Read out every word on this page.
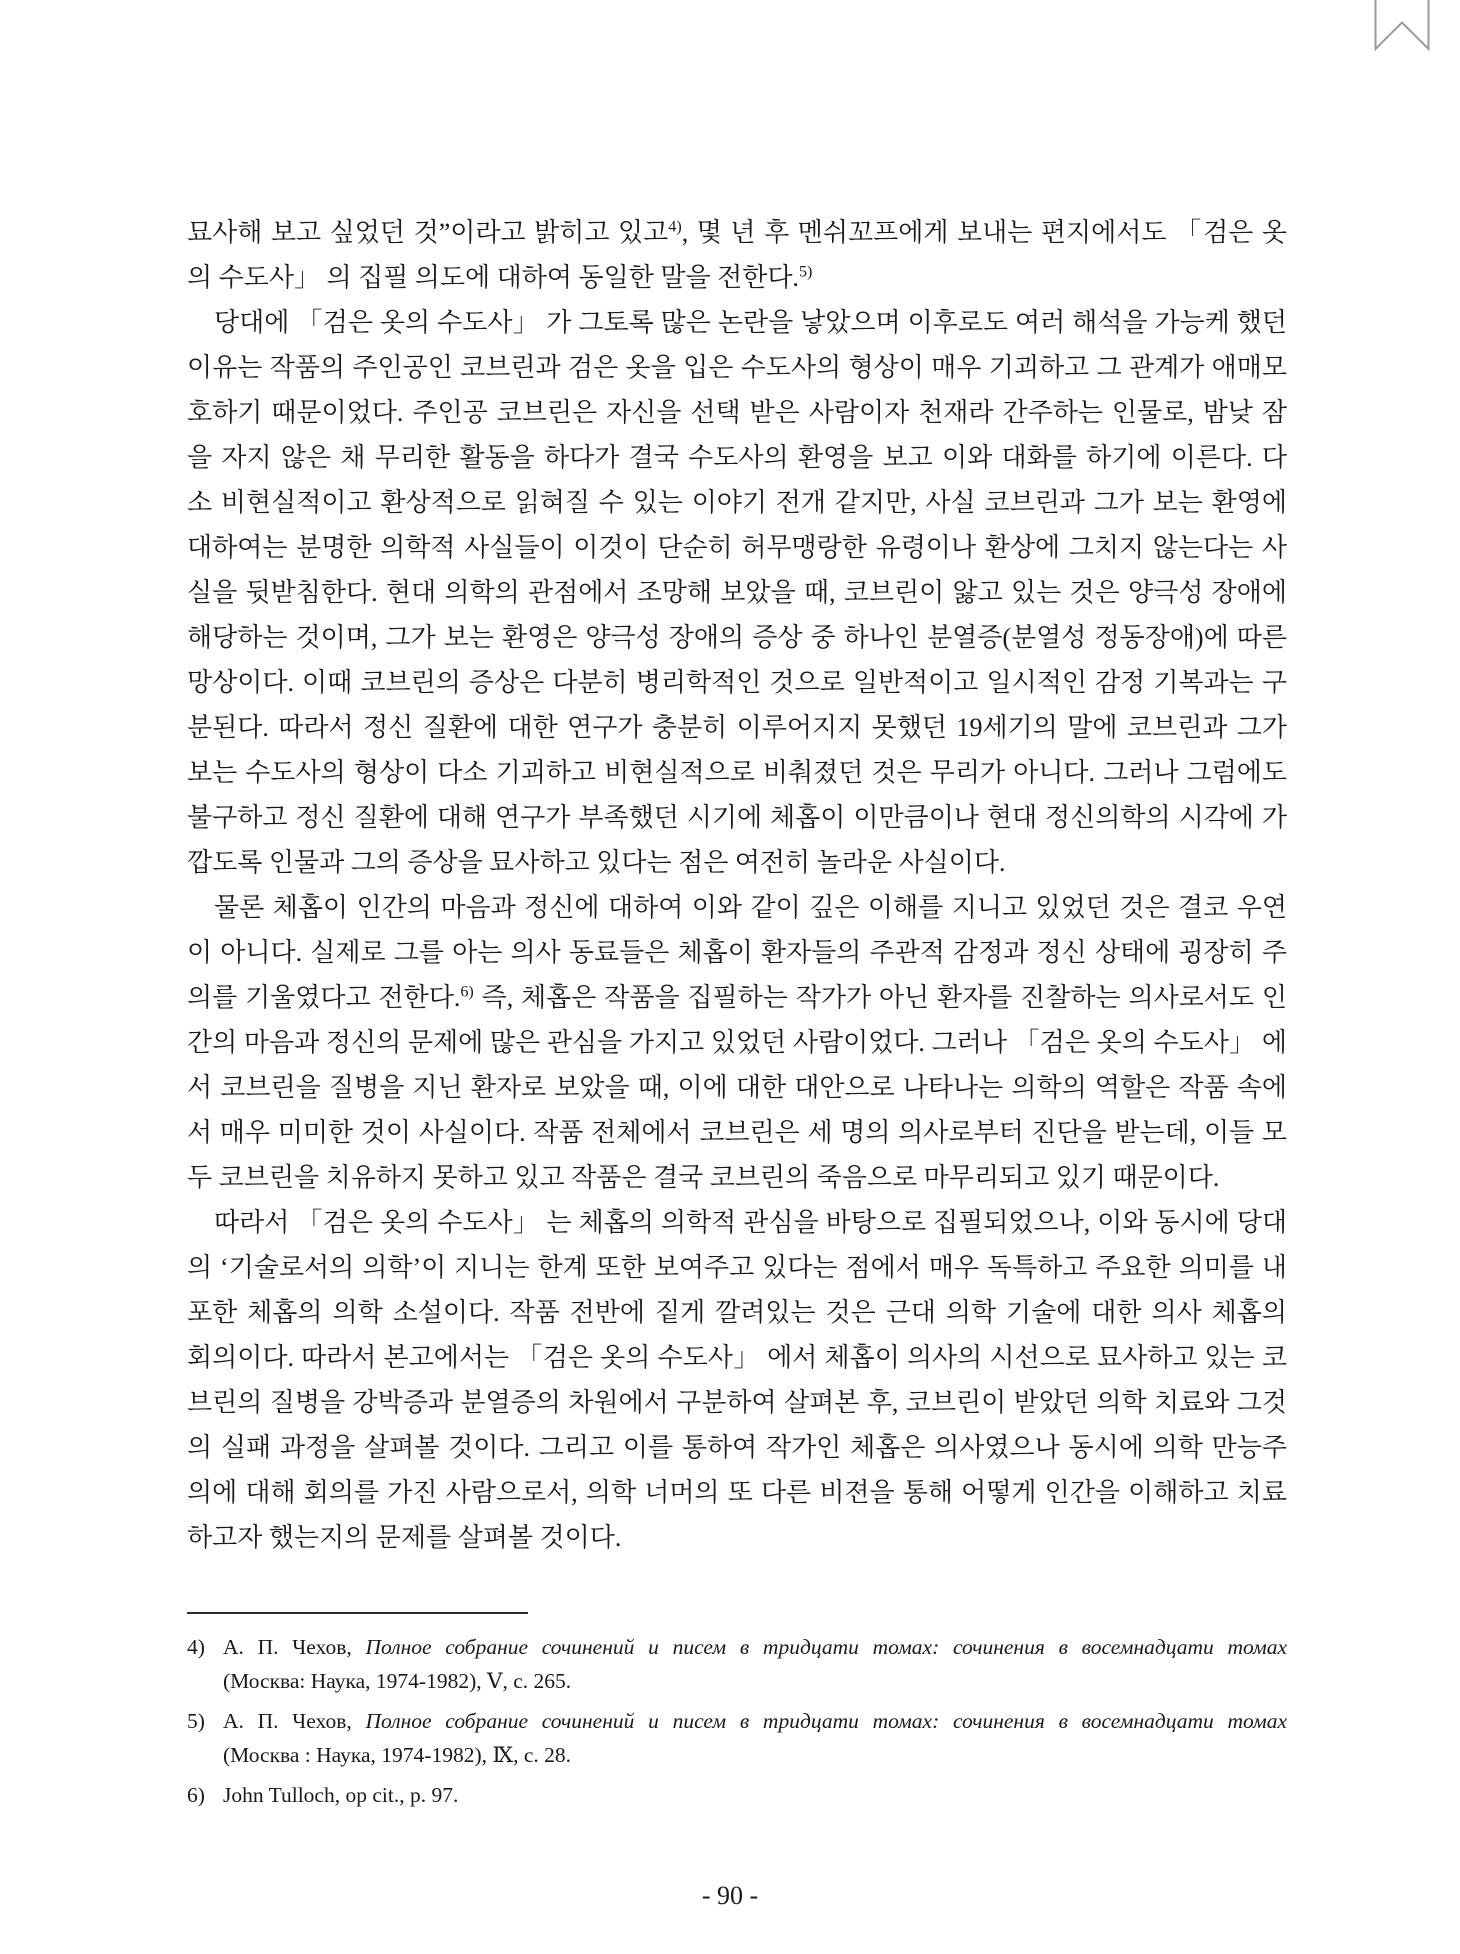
묘사해 보고 싶었던 것”이라고 밝히고 있고$^{4)}$, 몇 년 후 멘쉬꼬프에게 보내는 편지에서도 「검은 옷
의 수도사」 의 집필 의도에 대하여 동일한 말을 전한다.$^{5)}$
당대에 「검은 옷의 수도사」 가 그토록 많은 논란을 낳았으며 이후로도 여러 해석을 가능케 했던
이유는 작품의 주인공인 코브린과 검은 옷을 입은 수도사의 형상이 매우 기괴하고 그 관계가 애매모
호하기 때문이었다. 주인공 코브린은 자신을 선택 받은 사람이자 천재라 간주하는 인물로, 밤낮 잠
을 자지 않은 채 무리한 활동을 하다가 결국 수도사의 환영을 보고 이와 대화를 하기에 이른다. 다
소 비현실적이고 환상적으로 읽혀질 수 있는 이야기 전개 같지만, 사실 코브린과 그가 보는 환영에
대하여는 분명한 의학적 사실들이 이것이 단순히 허무맹랑한 유령이나 환상에 그치지 않는다는 사
실을 뒷받침한다. 현대 의학의 관점에서 조망해 보았을 때, 코브린이 앓고 있는 것은 양극성 장애에
해당하는 것이며, 그가 보는 환영은 양극성 장애의 증상 중 하나인 분열증(분열성 정동장애)에 따른
망상이다. 이때 코브린의 증상은 다분히 병리학적인 것으로 일반적이고 일시적인 감정 기복과는 구
분된다. 따라서 정신 질환에 대한 연구가 충분히 이루어지지 못했던 19세기의 말에 코브린과 그가
보는 수도사의 형상이 다소 기괴하고 비현실적으로 비춰졌던 것은 무리가 아니다. 그러나 그럼에도
불구하고 정신 질환에 대해 연구가 부족했던 시기에 체홉이 이만큼이나 현대 정신의학의 시각에 가
깝도록 인물과 그의 증상을 묘사하고 있다는 점은 여전히 놀라운 사실이다.
물론 체홉이 인간의 마음과 정신에 대하여 이와 같이 깊은 이해를 지니고 있었던 것은 결코 우연
이 아니다. 실제로 그를 아는 의사 동료들은 체홉이 환자들의 주관적 감정과 정신 상태에 굉장히 주
의를 기울였다고 전한다.$^{6)}$ 즉, 체홉은 작품을 집필하는 작가가 아닌 환자를 진찰하는 의사로서도 인
간의 마음과 정신의 문제에 많은 관심을 가지고 있었던 사람이었다. 그러나 「검은 옷의 수도사」 에
서 코브린을 질병을 지닌 환자로 보았을 때, 이에 대한 대안으로 나타나는 의학의 역할은 작품 속에
서 매우 미미한 것이 사실이다. 작품 전체에서 코브린은 세 명의 의사로부터 진단을 받는데, 이들 모
두 코브린을 치유하지 못하고 있고 작품은 결국 코브린의 죽음으로 마무리되고 있기 때문이다.
따라서 「검은 옷의 수도사」 는 체홉의 의학적 관심을 바탕으로 집필되었으나, 이와 동시에 당대
의 ‘기술로서의 의학’이 지니는 한계 또한 보여주고 있다는 점에서 매우 독특하고 주요한 의미를 내
포한 체홉의 의학 소설이다. 작품 전반에 짙게 깔려있는 것은 근대 의학 기술에 대한 의사 체홉의
회의이다. 따라서 본고에서는 「검은 옷의 수도사」 에서 체홉이 의사의 시선으로 묘사하고 있는 코
브린의 질병을 강박증과 분열증의 차원에서 구분하여 살펴본 후, 코브린이 받았던 의학 치료와 그것
의 실패 과정을 살펴볼 것이다. 그리고 이를 통하여 작가인 체홉은 의사였으나 동시에 의학 만능주
의에 대해 회의를 가진 사람으로서, 의학 너머의 또 다른 비젼을 통해 어떻게 인간을 이해하고 치료
하고자 했는지의 문제를 살펴볼 것이다.
4) А. П. Чехов, Полное собрание сочинений и писем в тридцати томах: сочинения в восемнадцати томах
(Москва: Наука, 1974-1982), Ⅴ, с. 265.
5) А. П. Чехов, Полное собрание сочинений и писем в тридцати томах: сочинения в восемнадцати томах
(Москва : Наука, 1974-1982), Ⅸ, с. 28.
6) John Tulloch, op cit., p. 97.
- 90 -
